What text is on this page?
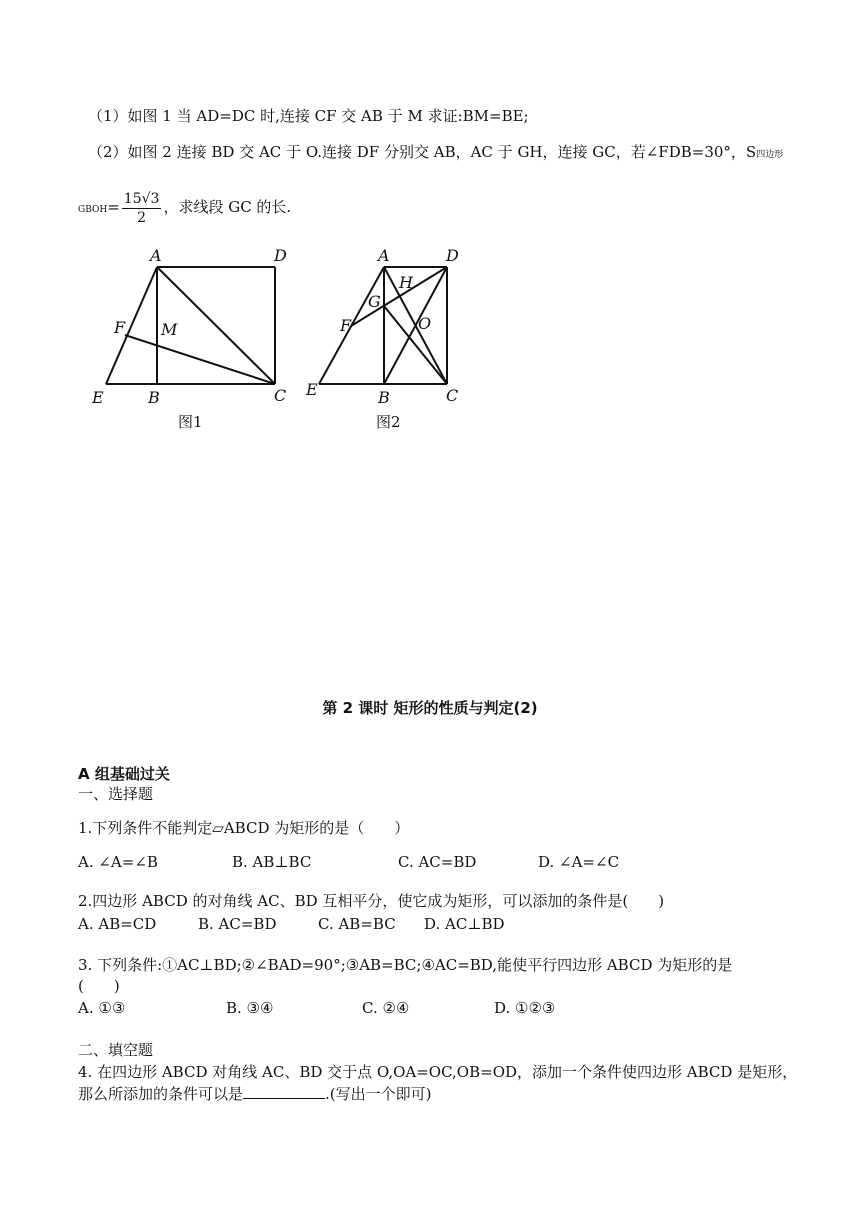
（1）如图 1 当 AD=DC 时,连接 CF 交 AB 于 M 求证:BM=BE;
（2）如图 2 连接 BD 交 AC 于 O.连接 DF 分别交 AB，AC 于 GH，连接 GC，若∠FDB=30°，S四边形
GBOH= $\frac{15√3}{2}$ ，求线段 GC 的长.
A	D
F M
E	B	C
图1
A	D
H
G
F	O
E	B	C
图2
第 2 课时 矩形的性质与判定(2)
A 组基础过关
一、选择题
1.下列条件不能判定▱ABCD 为矩形的是（　　）
A. ∠A=∠B	B. AB⊥BC	C. AC=BD	D. ∠A=∠C
2.四边形 ABCD 的对角线 AC、BD 互相平分，使它成为矩形，可以添加的条件是(　　)
A. AB=CD	B. AC=BD	C. AB=BC D. AC⊥BD
3. 下列条件:①AC⊥BD;②∠BAD=90°;③AB=BC;④AC=BD,能使平行四边形 ABCD 为矩形的是
(　　)
A. ①③	B. ③④	C. ②④	D. ①②③
二、填空题
4. 在四边形 ABCD 对角线 AC、BD 交于点 O,OA=OC,OB=OD，添加一个条件使四边形 ABCD 是矩形，
那么所添加的条件可以是	.(写出一个即可)
